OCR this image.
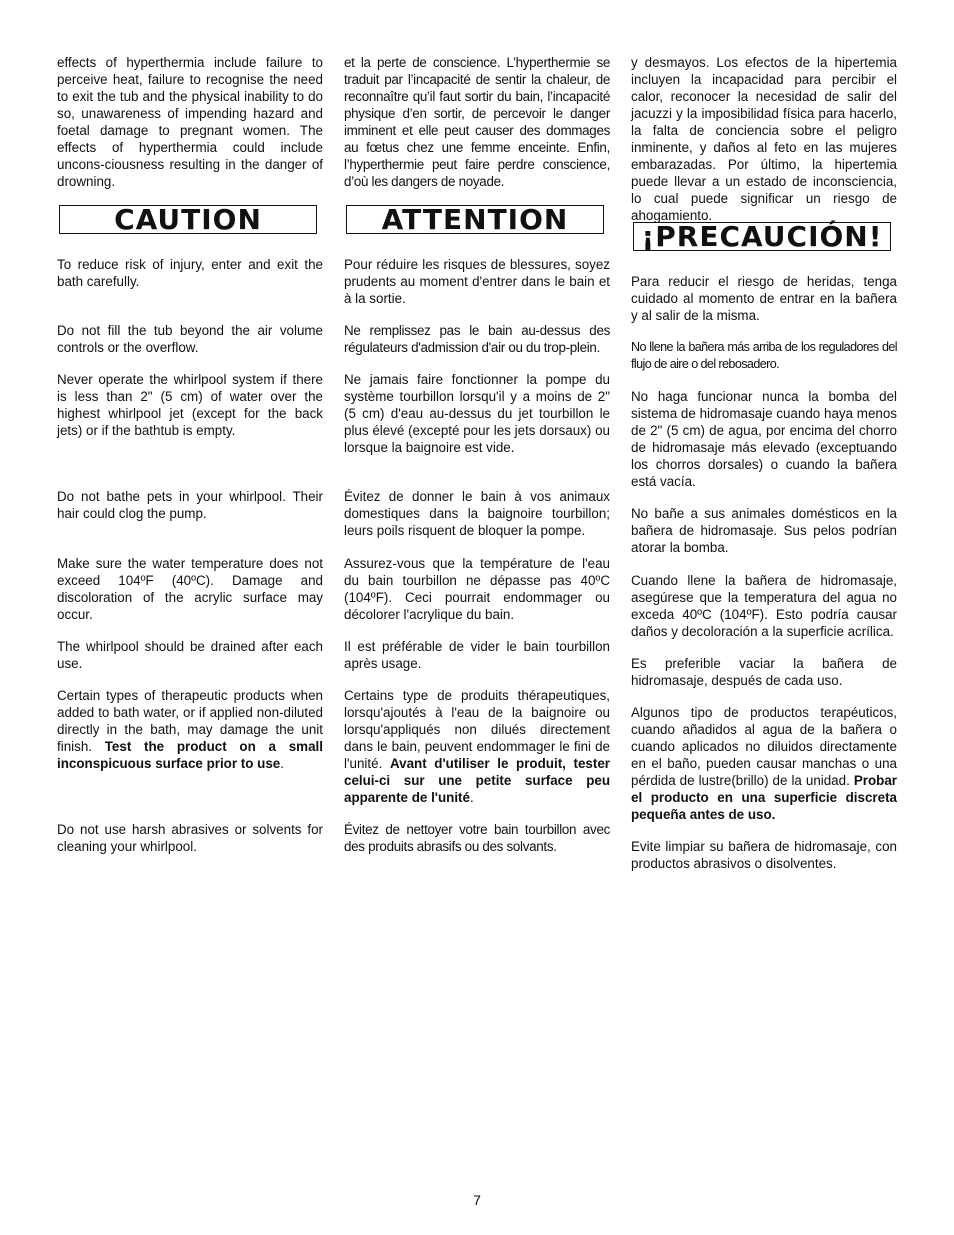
effects of hyperthermia include failure to perceive heat, failure to recognise the need to exit the tub and the physical inability to do so, unawareness of impending hazard and foetal damage to pregnant women. The effects of hyperthermia could include uncons-ciousness resulting in the danger of drowning.

CAUTION

To reduce risk of injury, enter and exit the bath carefully.

Do not fill the tub beyond the air volume controls or the overflow.

Never operate the whirlpool system if there is less than 2" (5 cm) of water over the highest whirlpool jet (except for the back jets) or if the bathtub is empty.

Do not bathe pets in your whirlpool. Their hair could clog the pump.

Make sure the water temperature does not exceed 104ºF (40ºC). Damage and discoloration of the acrylic surface may occur.

The whirlpool should be drained after each use.

Certain types of therapeutic products when added to bath water, or if applied non-diluted directly in the bath, may damage the unit finish. Test the product on a small inconspicuous surface prior to use.

Do not use harsh abrasives or solvents for cleaning your whirlpool.

et la perte de conscience. L’hyperthermie se traduit par l’incapacité de sentir la chaleur, de reconnaître qu’il faut sortir du bain, l’incapacité physique d’en sortir, de percevoir le danger imminent et elle peut causer des dommages au fœtus chez une femme enceinte. Enfin, l’hyperthermie peut faire perdre conscience, d’où les dangers de noyade.

ATTENTION

Pour réduire les risques de blessures, soyez prudents au moment d'entrer dans le bain et à la sortie.

Ne remplissez pas le bain au-dessus des régulateurs d'admission d'air ou du trop-plein.

Ne jamais faire fonctionner la pompe du système tourbillon lorsqu'il y a moins de 2" (5 cm) d'eau au-dessus du jet tourbillon le plus élevé (excepté pour les jets dorsaux) ou lorsque la baignoire est vide.

Évitez de donner le bain à vos animaux domestiques dans la baignoire tourbillon; leurs poils risquent de bloquer la pompe.

Assurez-vous que la température de l'eau du bain tourbillon ne dépasse pas 40ºC (104ºF). Ceci pourrait endommager ou décolorer l'acrylique du bain.

Il est préférable de vider le bain tourbillon après usage.

Certains type de produits thérapeutiques, lorsqu'ajoutés à l'eau de la baignoire ou lorsqu'appliqués non dilués directement dans le bain, peuvent endommager le fini de l'unité. Avant d'utiliser le produit, tester celui-ci sur une petite surface peu apparente de l'unité.

Évitez de nettoyer votre bain tourbillon avec des produits abrasifs ou des solvants.

y desmayos. Los efectos de la hipertemia incluyen la incapacidad para percibir el calor, reconocer la necesidad de salir del jacuzzi y la imposibilidad física para hacerlo, la falta de conciencia sobre el peligro inminente, y daños al feto en las mujeres embarazadas. Por último, la hipertemia puede llevar a un estado de inconsciencia, lo cual puede significar un riesgo de ahogamiento.

¡PRECAUCIÓN!

Para reducir el riesgo de heridas, tenga cuidado al momento de entrar en la bañera y al salir de la misma.

No llene la bañera más arriba de los reguladores del flujo de aire o del rebosadero.

No haga funcionar nunca la bomba del sistema de hidromasaje cuando haya menos de 2" (5 cm) de agua, por encima del chorro de hidromasaje más elevado (exceptuando los chorros dorsales) o cuando la bañera está vacía.

No bañe a sus animales domésticos en la bañera de hidromasaje. Sus pelos podrían atorar la bomba.

Cuando llene la bañera de hidromasaje, asegúrese que la temperatura del agua no exceda 40ºC (104ºF). Esto podría causar daños y decoloración a la superficie acrílica.

Es preferible vaciar la bañera de hidromasaje, después de cada uso.

Algunos tipo de productos terapéuticos, cuando añadidos al agua de la bañera o cuando aplicados no diluidos directamente en el baño, pueden causar manchas o una pérdida de lustre(brillo) de la unidad. Probar el producto en una superficie discreta pequeña antes de uso.

Evite limpiar su bañera de hidromasaje, con productos abrasivos o disolventes.

7
